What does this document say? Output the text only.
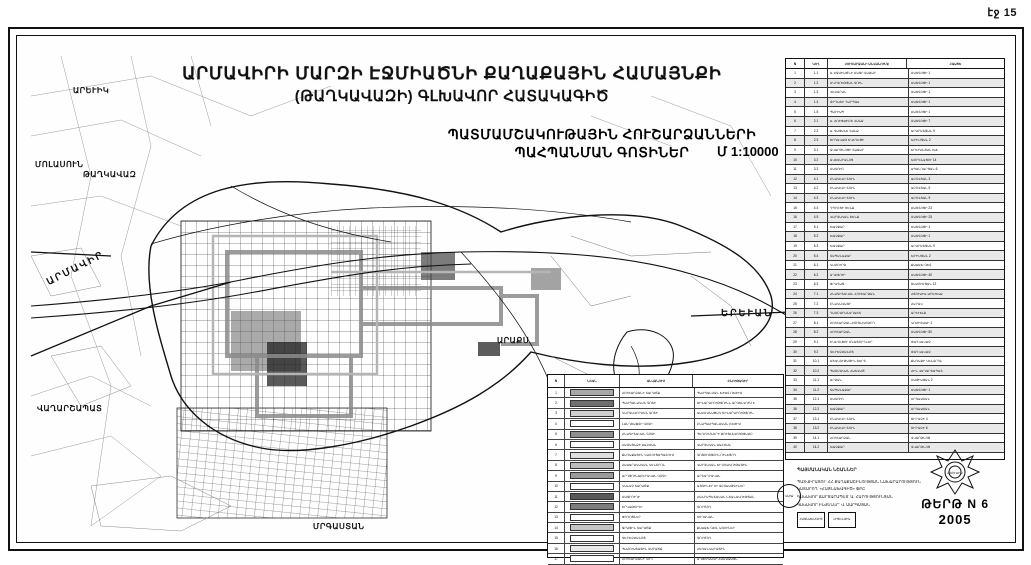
էջ 15
ԱՐՄԱՎԻՐ
ԵՐԵՒԱՆ
ԹԱՂԿԱՎԱԶ
ՄՈԼԱՍՈՒՆ
ԱՐԵՒԻԿ
ՎԱՂԱՐՇԱՊԱՏ
ՄՐԳԱՍՏԱՆ
ԱՐԱՔՍ
ԱՐՄԱՎԻՐԻ ՄԱՐԶԻ ԷՋՄԻԱԾՆԻ ՔԱՂԱՔԱՅԻՆ ՀԱՄԱՅՆՔԻ
(ԹԱՂԿԱՎԱԶԻ) ԳԼԽԱՎՈՐ ՀԱՏԱԿԱԳԻԾ
ՊԱՏՄԱՄՇԱԿՈՒԹԱՅԻՆ ՀՈՒՇԱՐՁԱՆՆԵՐԻ
ՊԱՀՊԱՆՄԱՆ ԳՈՏԻՆԵՐ	Մ 1:10000
N	ԿՈԴ	ՀՈՒՇԱՐՁԱՆԻ ԱՆՎԱՆՈՒՄԸ	ՀԱՍՑԵ
1	1.1	Ս. ԷՋՄԻԱԾՆԻ ՄԱՅՐ ՏԱՃԱՐ	ՄԱՇՏՈՑԻ 1
2	1.2	ՄԿՐՏՈՒԹՅԱՆ ՏՈՒՆ	ՄԱՇՏՈՑԻ 1
3	1.3	ՎԵՀԱՐԱՆ	ՄԱՇՏՈՑԻ 1
4	1.4	ԹՐԴԱՏԻ ԴԱՐՊԱՍ	ՄԱՇՏՈՑԻ 1
5	1.5	ՊԱՐԻՍՊ	ՄԱՇՏՈՑԻ 1
6	2.1	Ս. ՀՌԻՓՍԻՄԵ ՎԱՆՔ	ՄԱՇՏՈՑԻ 7
7	2.2	Ս. ԳԱՅԱՆԵ ՎԱՆՔ	ԱՐԱՐԱՏՅԱՆ 9
8	2.3	ՇՈՂԱԿԱԹ ԵԿԵՂԵՑԻ	ԽՐԻՄՅԱՆ 2
9	3.1	ԶՎԱՐԹՆՈՑԻ ՏԱՃԱՐ	ԵՐԵՒԱՆՅԱՆ ԽՃ.
10	3.2	ԱՎԵՏԱՐԱՆՈՑ	ԽՈՐԵՆԱՑՈՒ 14
11	3.3	ՄԱՏՈՒՌ	ՍՊԱՆԴԱՐՅԱՆ 6
12	4.1	ԲՆԱԿԵԼԻ ՏՈՒՆ	ԱԲՈՎՅԱՆ 3
13	4.2	ԲՆԱԿԵԼԻ ՏՈՒՆ	ԱԲՈՎՅԱՆ 5
14	4.3	ԲՆԱԿԵԼԻ ՏՈՒՆ	ԱԲՈՎՅԱՆ 9
15	4.4	ԴՊՐՈՑԻ ՇԵՆՔ	ՄԱՇՏՈՑԻ 23
16	4.5	ՎԱՐՉԱԿԱՆ ՇԵՆՔ	ՄԱՇՏՈՑԻ 25
17	5.1	ԽԱՉՔԱՐ	ՄԱՇՏՈՑԻ 1
18	5.2	ԽԱՉՔԱՐ	ՄԱՇՏՈՑԻ 1
19	5.3	ԽԱՉՔԱՐ	ԱՐԱՐԱՏՅԱՆ 9
20	5.4	ՏԱՊԱՆԱՔԱՐ	ԽՐԻՄՅԱՆ 2
21	6.1	ԿԱՄՈՒՐՋ	ՔԱՍԱԽ ԳԵՏ
22	6.2	ԱՂԲՅՈՒՐ	ՄԱՇՏՈՑԻ 40
23	6.3	ՋՐԱՂԱՑ	ՇԱՀՈՒՄՅԱՆ 12
24	7.1	ՀՆԱԳԻՏԱԿԱՆ ՀՈՒՇԱՐՁԱՆ	ՀՅՈՒՍԻՍ-ԱՐԵՒԵԼՔ
25	7.2	ԲՆԱԿԱՎԱՅՐ	ՀԱՐԱՎ
26	7.3	ԴԱՄԲԱՐԱՆԱԴԱՇՏ	ԱՐԵՒԵԼՔ
27	8.1	ՀՈՒՇԱՐՁԱՆ-ՀՈՒՇԱԿՈԹՈՂ	ԿՈՄԻՏԱՍԻ 1
28	8.2	ՀՈՒՇԱՐՁԱՆ	ՄԱՇՏՈՑԻ 50
29	9.1	ԵԿԵՂԵՑՈՒ ՄՆԱՑՈՐԴՆԵՐ	ԹԱՂԿԱՎԱԶ
30	9.2	ԳԵՐԵԶՄԱՆՈՑ	ԹԱՂԿԱՎԱԶ
31	10.1	ՄՇԱԿՈՒԹԱՅԻՆ ՇԵՐՏ	ՔԱՂԱՔԻ ԿԵՆՏՐՈՆ
32	10.2	ՊԱՏՄԱԿԱՆ ՀԱՏՎԱԾ	ՀԻՆ ՎԱՂԱՐՇԱՊԱՏ
33	11.1	ԱՐՁԱՆ	ՄԱՅԻՍՅԱՆ 2
34	11.2	ՏԱՊԱՆԱՔԱՐ	ՄԱՇՏՈՑԻ 1
35	12.1	ՄԱՏՈՒՌ	ՄՐԳԱՍՏԱՆ
36	12.2	ԽԱՉՔԱՐ	ՄՐԳԱՍՏԱՆ
37	13.1	ԲՆԱԿԵԼԻ ՏՈՒՆ	ՇԻՐԱԶԻ 4
38	13.2	ԲՆԱԿԵԼԻ ՏՈՒՆ	ՇԻՐԱԶԻ 6
39	14.1	ՀՈՒՇԱՐՁԱՆ	ԶՎԱՐԹՆՈՑ
40	14.2	ԽԱՉՔԱՐ	ԶՎԱՐԹՆՈՑ
N	ՆՇԱՆ	ԱՆՎԱՆՈՒՄ	ԲՆՈՒԹԱԳԻՐ
1	ՀՈՒՇԱՐՁԱՆԻ ՏԱՐԱԾՔ	ՊԱՀՊԱՆՄԱՆ ԽԻՍՏ ՌԵԺԻՄ
2	ՊԱՀՊԱՆԱԿԱՆ ԳՈՏԻ	ՇԻՆԱՐԱՐՈՒԹՅՈՒՆՆ ԱՐԳԵԼՎՈՒՄ Է
3	ԿԱՐԳԱՎՈՐՄԱՆ ԳՈՏԻ	ՍԱՀՄԱՆԱՓԱԿ ՇԻՆԱՐԱՐՈՒԹՅՈՒՆ
4	ԼԱՆԴՇԱՖՏԻ ԳՈՏԻ	ԲՆԱՊԱՀՊԱՆԱԿԱՆ ՌԵԺԻՄ
5	ՀՆԱԳԻՏԱԿԱՆ ԳՈՏԻ	ՊԵՂՈՒՄՆԵՐԻ ԹՈՒՅԼՏՎՈՒԹՅԱՄԲ
6	ՀԱՄԱՅՆՔԻ ՍԱՀՄԱՆ	ՎԱՐՉԱԿԱՆ ՍԱՀՄԱՆ
7	ՔԱՂԱՔԱՅԻՆ ԿԱՌՈՒՑԱՊԱՏՈՒՄ	ԳՈՅՈՒԹՅՈՒՆ ՈՒՆԵՑՈՂ
8	ՀԱՍԱՐԱԿԱԿԱՆ ԿԵՆՏՐՈՆ	ՎԱՐՉԱԿԱՆ ԵՒ ՄՇԱԿՈՒԹԱՅԻՆ
9	ԱՐԴՅՈՒՆԱԲԵՐԱԿԱՆ ԳՈՏԻ	ԱՐՏԱԴՐԱԿԱՆ
10	ԿԱՆԱՉ ՏԱՐԱԾՔ	ԱՅԳԻՆԵՐ ԵՒ ԶԲՈՍԱՅԳԻՆԵՐ
11	ՄԱՅՐՈՒՂԻ	ՀԱՆՐԱՊԵՏԱԿԱՆ ՆՇԱՆԱԿՈՒԹՅԱՆ
12	ԵՐԿԱԹՈՒՂԻ	ԳՈՐԾՈՂ
13	ՓՈՂՈՑՆԵՐ	ՏԵՂԱԿԱՆ
14	ՋՐԱՅԻՆ ՏԱՐԱԾՔ	ՔԱՍԱԽ ԳԵՏ, ԱՌՈՒՆԵՐ
15	ԳԵՐԵԶՄԱՆՈՑ	ԳՈՐԾՈՂ
16	ՊԱՀՈՒՍՏԱՅԻՆ ՏԱՐԱԾՔ	ՀԵՌԱՆԿԱՐԱՅԻՆ
17	ՀՈՒՇԱՐՁԱՆԻ ԿՈԴ	ԱՂՅՈՒՍԱԿԻ ՀԱՄԱՁԱՅՆ
ԿՆԻՔ
ՊԱՅՄԱՆԱԿԱՆ ՆՇԱՆՆԵՐ
ՊԱՏՎԻՐԱՏՈՒ՝ ՀՀ ՔԱՂԱՔԱՇԻՆՈՒԹՅԱՆ ՆԱԽԱՐԱՐՈՒԹՅՈՒՆ
ԿԱՏԱՐՈՂ՝ «ՀԱՅՆԱԽԱԳԻԾ» ՓԲԸ
ԳԼԽԱՎՈՐ ՃԱՐՏԱՐԱՊԵՏ՝ Ա. ՀԱՐՈՒԹՅՈՒՆՅԱՆ
ԳԼԽԱՎՈՐ ԻՆԺԵՆԵՐ՝ Վ. ՍԱՐԳՍՅԱՆ
ՀԱՅՆԱԽԱԳԻԾ	ԼԻՑԵՆԶԻԱ
ՀՅՈՒՍԻՍ
ԹԵՐԹ N 6
2005
